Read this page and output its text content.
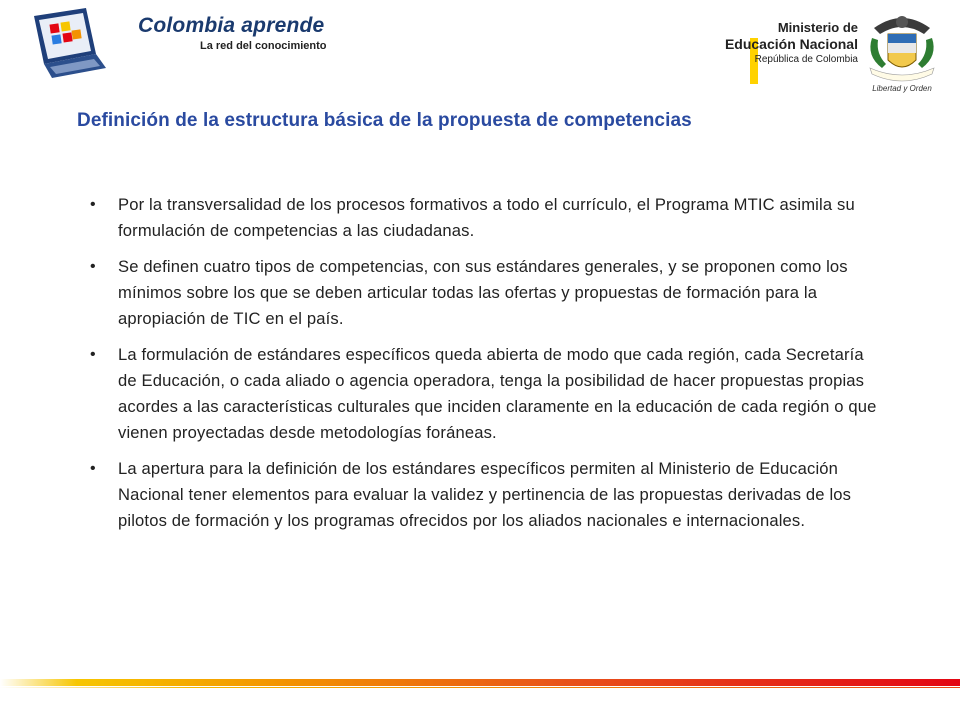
Colombia aprende
La red del conocimiento
Ministerio de
Educación Nacional
República de Colombia
Libertad y Orden
Definición de la estructura básica de la propuesta de competencias
• Por la transversalidad de los procesos formativos a todo el currículo, el Programa MTIC asimila su formulación de competencias a las ciudadanas.
• Se definen cuatro tipos de competencias, con sus estándares generales, y se proponen como los mínimos sobre los que se deben articular todas las ofertas y propuestas de formación para la apropiación de TIC en el país.
• La formulación de estándares específicos queda abierta de modo que cada región, cada Secretaría de Educación, o cada aliado o agencia operadora, tenga la posibilidad de hacer propuestas propias acordes a las características culturales que inciden claramente en la educación de cada región o que vienen proyectadas desde metodologías foráneas.
• La apertura para la definición de los estándares específicos permiten al Ministerio de Educación Nacional tener elementos para evaluar la validez y pertinencia de las propuestas derivadas de los pilotos de formación y los programas ofrecidos por los aliados nacionales e internacionales.
